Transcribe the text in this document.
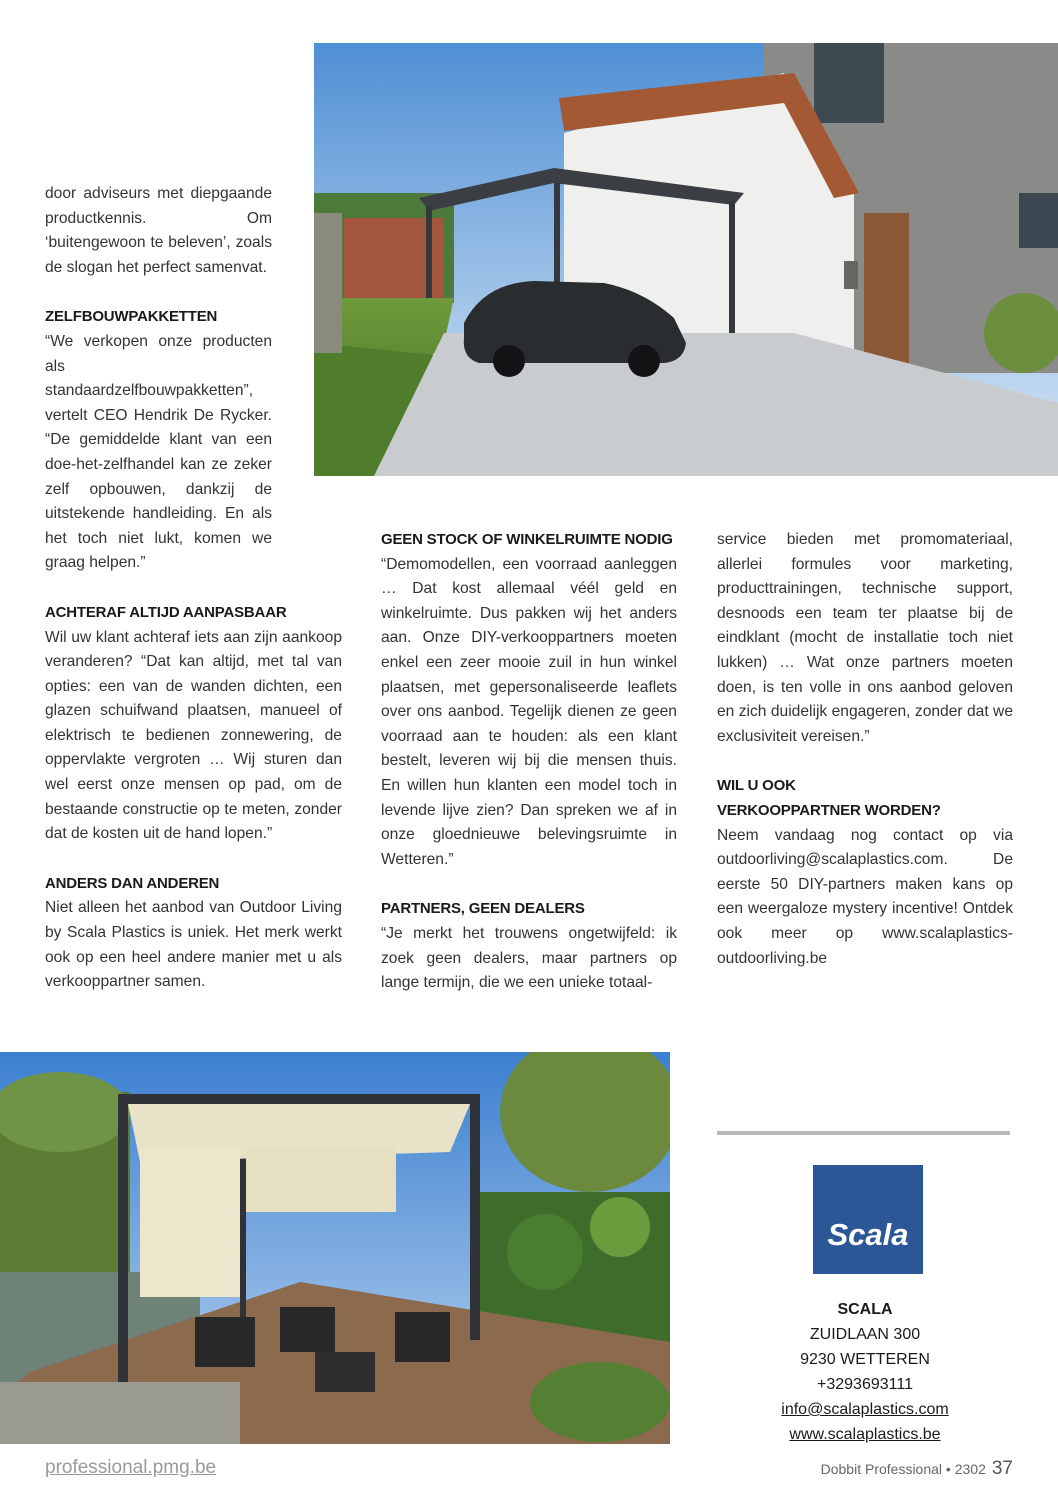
door adviseurs met diepgaande productkennis. Om ‘buitengewoon te beleven’, zoals de slogan het perfect samenvat.

ZELFBOUWPAKKETTEN

“We verkopen onze producten als standaardzelfbouwpakketten”, vertelt CEO Hendrik De Rycker. “De gemiddelde klant van een doe-het-zelfhandel kan ze zeker zelf opbouwen, dankzij de uitstekende handleiding. En als het toch niet lukt, komen we graag helpen.”

ACHTERAF ALTIJD AANPASBAAR

Wil uw klant achteraf iets aan zijn aankoop veranderen? “Dat kan altijd, met tal van opties: een van de wanden dichten, een glazen schuifwand plaatsen, manueel of elektrisch te bedienen zonnewering, de oppervlakte vergroten … Wij sturen dan wel eerst onze mensen op pad, om de bestaande constructie op te meten, zonder dat de kosten uit de hand lopen.”

ANDERS DAN ANDEREN

Niet alleen het aanbod van Outdoor Living by Scala Plastics is uniek. Het merk werkt ook op een heel andere manier met u als verkooppartner samen.

GEEN STOCK OF WINKELRUIMTE NODIG

“Demomodellen, een voorraad aanleggen … Dat kost allemaal véél geld en winkelruimte. Dus pakken wij het anders aan. Onze DIY-verkooppartners moeten enkel een zeer mooie zuil in hun winkel plaatsen, met gepersonaliseerde leaflets over ons aanbod. Tegelijk dienen ze geen voorraad aan te houden: als een klant bestelt, leveren wij bij die mensen thuis. En willen hun klanten een model toch in levende lijve zien? Dan spreken we af in onze gloednieuwe belevingsruimte in Wetteren.”

PARTNERS, GEEN DEALERS

“Je merkt het trouwens ongetwijfeld: ik zoek geen dealers, maar partners op lange termijn, die we een unieke totaal-

service bieden met promomateriaal, allerlei formules voor marketing, producttrainingen, technische support, desnoods een team ter plaatse bij de eindklant (mocht de installatie toch niet lukken) … Wat onze partners moeten doen, is ten volle in ons aanbod geloven en zich duidelijk engageren, zonder dat we exclusiviteit vereisen.”

WIL U OOK
VERKOOPPARTNER WORDEN?

Neem vandaag nog contact op via outdoorliving@scalaplastics.com. De eerste 50 DIY-partners maken kans op een weergaloze mystery incentive! Ontdek ook meer op www.scalaplastics-outdoorliving.be

Scala
SCALA
ZUIDLAAN 300
9230 WETTEREN
+3293693111
info@scalaplastics.com
www.scalaplastics.be
professional.pmg.be	Dobbit Professional • 2302 37
